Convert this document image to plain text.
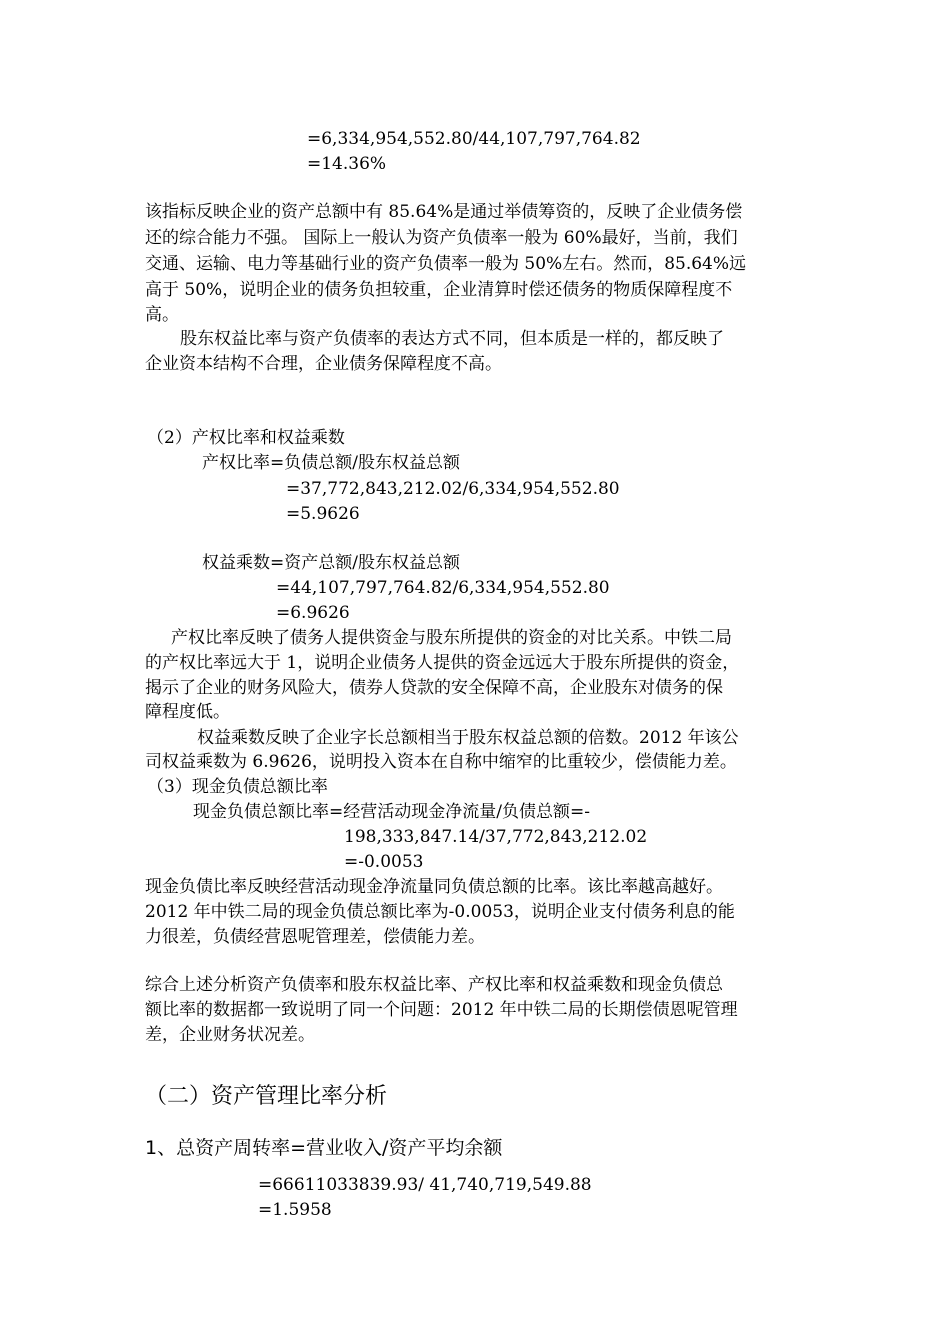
=6,334,954,552.80/44,107,797,764.82
=14.36%
该指标反映企业的资产总额中有 85.64%是通过举债筹资的，反映了企业债务偿
还的综合能力不强。 国际上一般认为资产负债率一般为 60%最好，当前，我们
交通、运输、电力等基础行业的资产负债率一般为 50%左右。然而，85.64%远
高于 50%，说明企业的债务负担较重，企业清算时偿还债务的物质保障程度不
高。
股东权益比率与资产负债率的表达方式不同，但本质是一样的，都反映了
企业资本结构不合理，企业债务保障程度不高。
（2）产权比率和权益乘数
产权比率=负债总额/股东权益总额
=37,772,843,212.02/6,334,954,552.80
=5.9626
权益乘数=资产总额/股东权益总额
=44,107,797,764.82/6,334,954,552.80
=6.9626
产权比率反映了债务人提供资金与股东所提供的资金的对比关系。中铁二局
的产权比率远大于 1，说明企业债务人提供的资金远远大于股东所提供的资金，
揭示了企业的财务风险大，债券人贷款的安全保障不高，企业股东对债务的保
障程度低。
权益乘数反映了企业字长总额相当于股东权益总额的倍数。2012 年该公
司权益乘数为 6.9626，说明投入资本在自称中缩窄的比重较少，偿债能力差。
（3）现金负债总额比率
现金负债总额比率=经营活动现金净流量/负债总额=-
198,333,847.14/37,772,843,212.02
=-0.0053
现金负债比率反映经营活动现金净流量同负债总额的比率。该比率越高越好。
2012 年中铁二局的现金负债总额比率为-0.0053，说明企业支付债务利息的能
力很差，负债经营恩呢管理差，偿债能力差。
综合上述分析资产负债率和股东权益比率、产权比率和权益乘数和现金负债总
额比率的数据都一致说明了同一个问题：2012 年中铁二局的长期偿债恩呢管理
差，企业财务状况差。
（二）资产管理比率分析
1、总资产周转率=营业收入/资产平均余额
=66611033839.93/ 41,740,719,549.88
=1.5958
